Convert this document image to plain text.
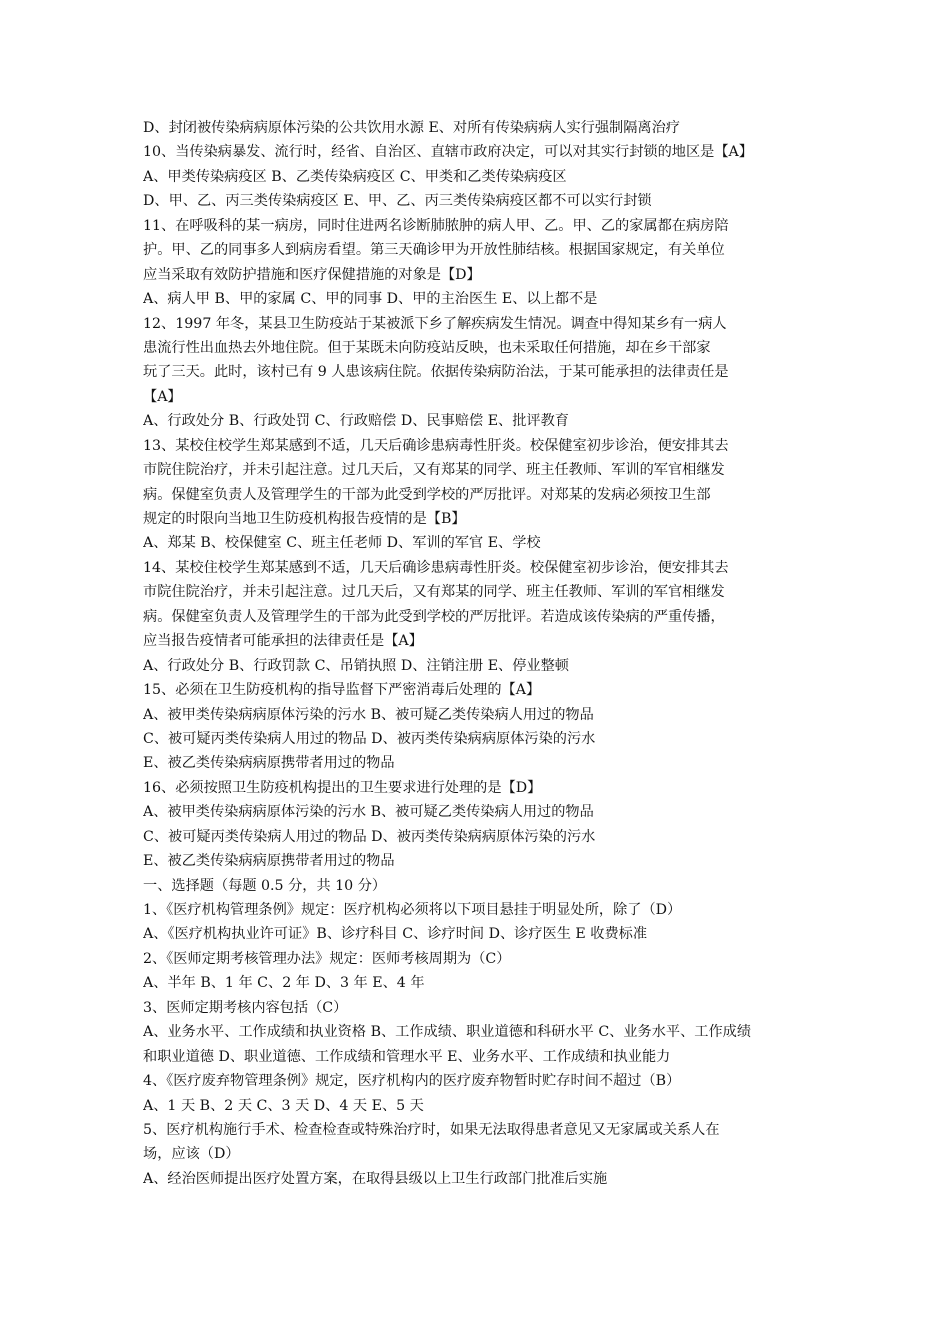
D、封闭被传染病病原体污染的公共饮用水源 E、对所有传染病病人实行强制隔离治疗
10、当传染病暴发、流行时，经省、自治区、直辖市政府决定，可以对其实行封锁的地区是【A】
A、甲类传染病疫区 B、乙类传染病疫区 C、甲类和乙类传染病疫区
D、甲、乙、丙三类传染病疫区 E、甲、乙、丙三类传染病疫区都不可以实行封锁
11、在呼吸科的某一病房，同时住进两名诊断肺脓肿的病人甲、乙。甲、乙的家属都在病房陪
护。甲、乙的同事多人到病房看望。第三天确诊甲为开放性肺结核。根据国家规定，有关单位
应当采取有效防护措施和医疗保健措施的对象是【D】
A、病人甲 B、甲的家属 C、甲的同事 D、甲的主治医生 E、以上都不是
12、1997 年冬，某县卫生防疫站于某被派下乡了解疾病发生情况。调查中得知某乡有一病人
患流行性出血热去外地住院。但于某既未向防疫站反映，也未采取任何措施，却在乡干部家
玩了三天。此时，该村已有 9 人患该病住院。依据传染病防治法，于某可能承担的法律责任是
【A】
A、行政处分 B、行政处罚 C、行政赔偿 D、民事赔偿 E、批评教育
13、某校住校学生郑某感到不适，几天后确诊患病毒性肝炎。校保健室初步诊治，便安排其去
市院住院治疗，并未引起注意。过几天后，又有郑某的同学、班主任教师、军训的军官相继发
病。保健室负责人及管理学生的干部为此受到学校的严厉批评。对郑某的发病必须按卫生部
规定的时限向当地卫生防疫机构报告疫情的是【B】
A、郑某 B、校保健室 C、班主任老师 D、军训的军官 E、学校
14、某校住校学生郑某感到不适，几天后确诊患病毒性肝炎。校保健室初步诊治，便安排其去
市院住院治疗，并未引起注意。过几天后，又有郑某的同学、班主任教师、军训的军官相继发
病。保健室负责人及管理学生的干部为此受到学校的严厉批评。若造成该传染病的严重传播，
应当报告疫情者可能承担的法律责任是【A】
A、行政处分 B、行政罚款 C、吊销执照 D、注销注册 E、停业整顿
15、必须在卫生防疫机构的指导监督下严密消毒后处理的【A】
A、被甲类传染病病原体污染的污水 B、被可疑乙类传染病人用过的物品
C、被可疑丙类传染病人用过的物品 D、被丙类传染病病原体污染的污水
E、被乙类传染病病原携带者用过的物品
16、必须按照卫生防疫机构提出的卫生要求进行处理的是【D】
A、被甲类传染病病原体污染的污水 B、被可疑乙类传染病人用过的物品
C、被可疑丙类传染病人用过的物品 D、被丙类传染病病原体污染的污水
E、被乙类传染病病原携带者用过的物品
一、选择题（每题 0.5 分，共 10 分）
1、《医疗机构管理条例》规定：医疗机构必须将以下项目悬挂于明显处所，除了（D）
A、《医疗机构执业许可证》B、诊疗科目 C、诊疗时间 D、诊疗医生 E 收费标准
2、《医师定期考核管理办法》规定：医师考核周期为（C）
A、半年 B、1 年 C、2 年 D、3 年 E、4 年
3、医师定期考核内容包括（C）
A、业务水平、工作成绩和执业资格 B、工作成绩、职业道德和科研水平 C、业务水平、工作成绩
和职业道德 D、职业道德、工作成绩和管理水平 E、业务水平、工作成绩和执业能力
4、《医疗废弃物管理条例》规定，医疗机构内的医疗废弃物暂时贮存时间不超过（B）
A、1 天 B、2 天 C、3 天 D、4 天 E、5 天
5、医疗机构施行手术、检查检查或特殊治疗时，如果无法取得患者意见又无家属或关系人在
场，应该（D）
A、经治医师提出医疗处置方案，在取得县级以上卫生行政部门批准后实施
